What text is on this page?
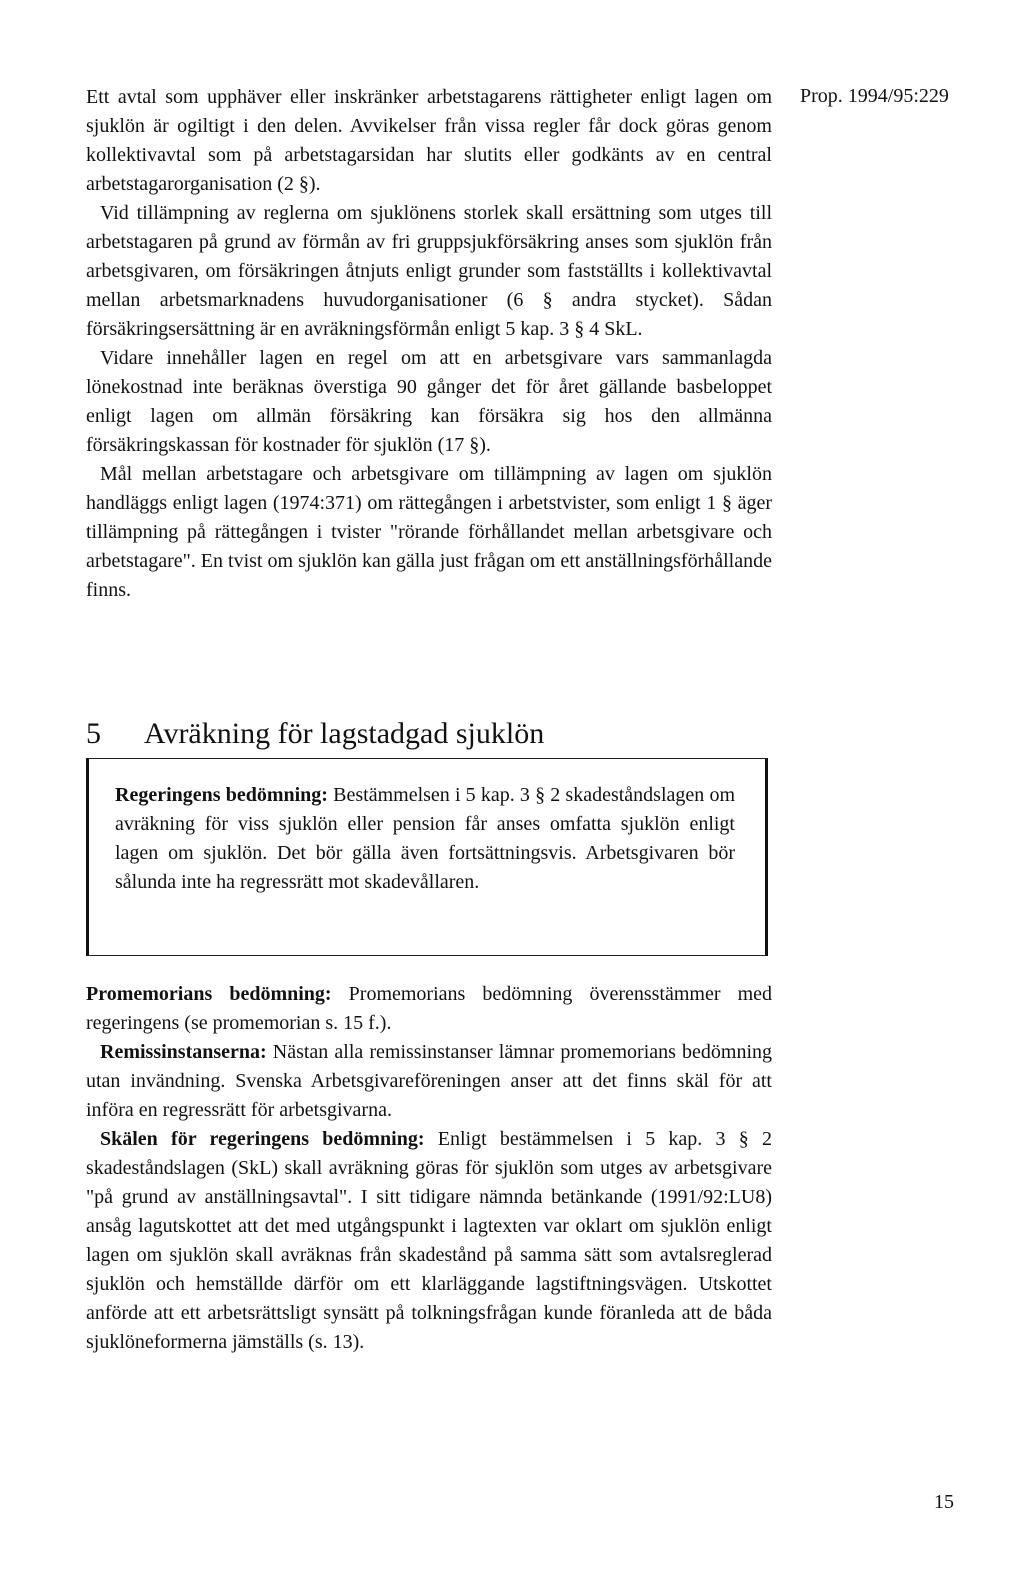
Prop. 1994/95:229

Ett avtal som upphäver eller inskränker arbetstagarens rättigheter enligt lagen om sjuklön är ogiltigt i den delen. Avvikelser från vissa regler får dock göras genom kollektivavtal som på arbetstagarsidan har slutits eller godkänts av en central arbetstagarorganisation (2 §).

Vid tillämpning av reglerna om sjuklönens storlek skall ersättning som utges till arbetstagaren på grund av förmån av fri gruppsjukförsäkring anses som sjuklön från arbetsgivaren, om försäkringen åtnjuts enligt grunder som fastställts i kollektivavtal mellan arbetsmarknadens huvudorganisationer (6 § andra stycket). Sådan försäkringsersättning är en avräkningsförmån enligt 5 kap. 3 § 4 SkL.

Vidare innehåller lagen en regel om att en arbetsgivare vars sammanlagda lönekostnad inte beräknas överstiga 90 gånger det för året gällande basbeloppet enligt lagen om allmän försäkring kan försäkra sig hos den allmänna försäkringskassan för kostnader för sjuklön (17 §).

Mål mellan arbetstagare och arbetsgivare om tillämpning av lagen om sjuklön handläggs enligt lagen (1974:371) om rättegången i arbetstvister, som enligt 1 § äger tillämpning på rättegången i tvister "rörande förhållandet mellan arbetsgivare och arbetstagare". En tvist om sjuklön kan gälla just frågan om ett anställningsförhållande finns.

5 Avräkning för lagstadgad sjuklön
Regeringens bedömning: Bestämmelsen i 5 kap. 3 § 2 skadeståndslagen om avräkning för viss sjuklön eller pension får anses omfatta sjuklön enligt lagen om sjuklön. Det bör gälla även fortsättningsvis. Arbetsgivaren bör sålunda inte ha regressrätt mot skadevållaren.

Promemorians bedömning: Promemorians bedömning överensstämmer med regeringens (se promemorian s. 15 f.).

Remissinstanserna: Nästan alla remissinstanser lämnar promemorians bedömning utan invändning. Svenska Arbetsgivareföreningen anser att det finns skäl för att införa en regressrätt för arbetsgivarna.

Skälen för regeringens bedömning: Enligt bestämmelsen i 5 kap. 3 § 2 skadeståndslagen (SkL) skall avräkning göras för sjuklön som utges av arbetsgivare "på grund av anställningsavtal". I sitt tidigare nämnda betänkande (1991/92:LU8) ansåg lagutskottet att det med utgångspunkt i lagtexten var oklart om sjuklön enligt lagen om sjuklön skall avräknas från skadestånd på samma sätt som avtalsreglerad sjuklön och hemställde därför om ett klarläggande lagstiftningsvägen. Utskottet anförde att ett arbetsrättsligt synsätt på tolkningsfrågan kunde föranleda att de båda sjuklöneformerna jämställs (s. 13).

15
